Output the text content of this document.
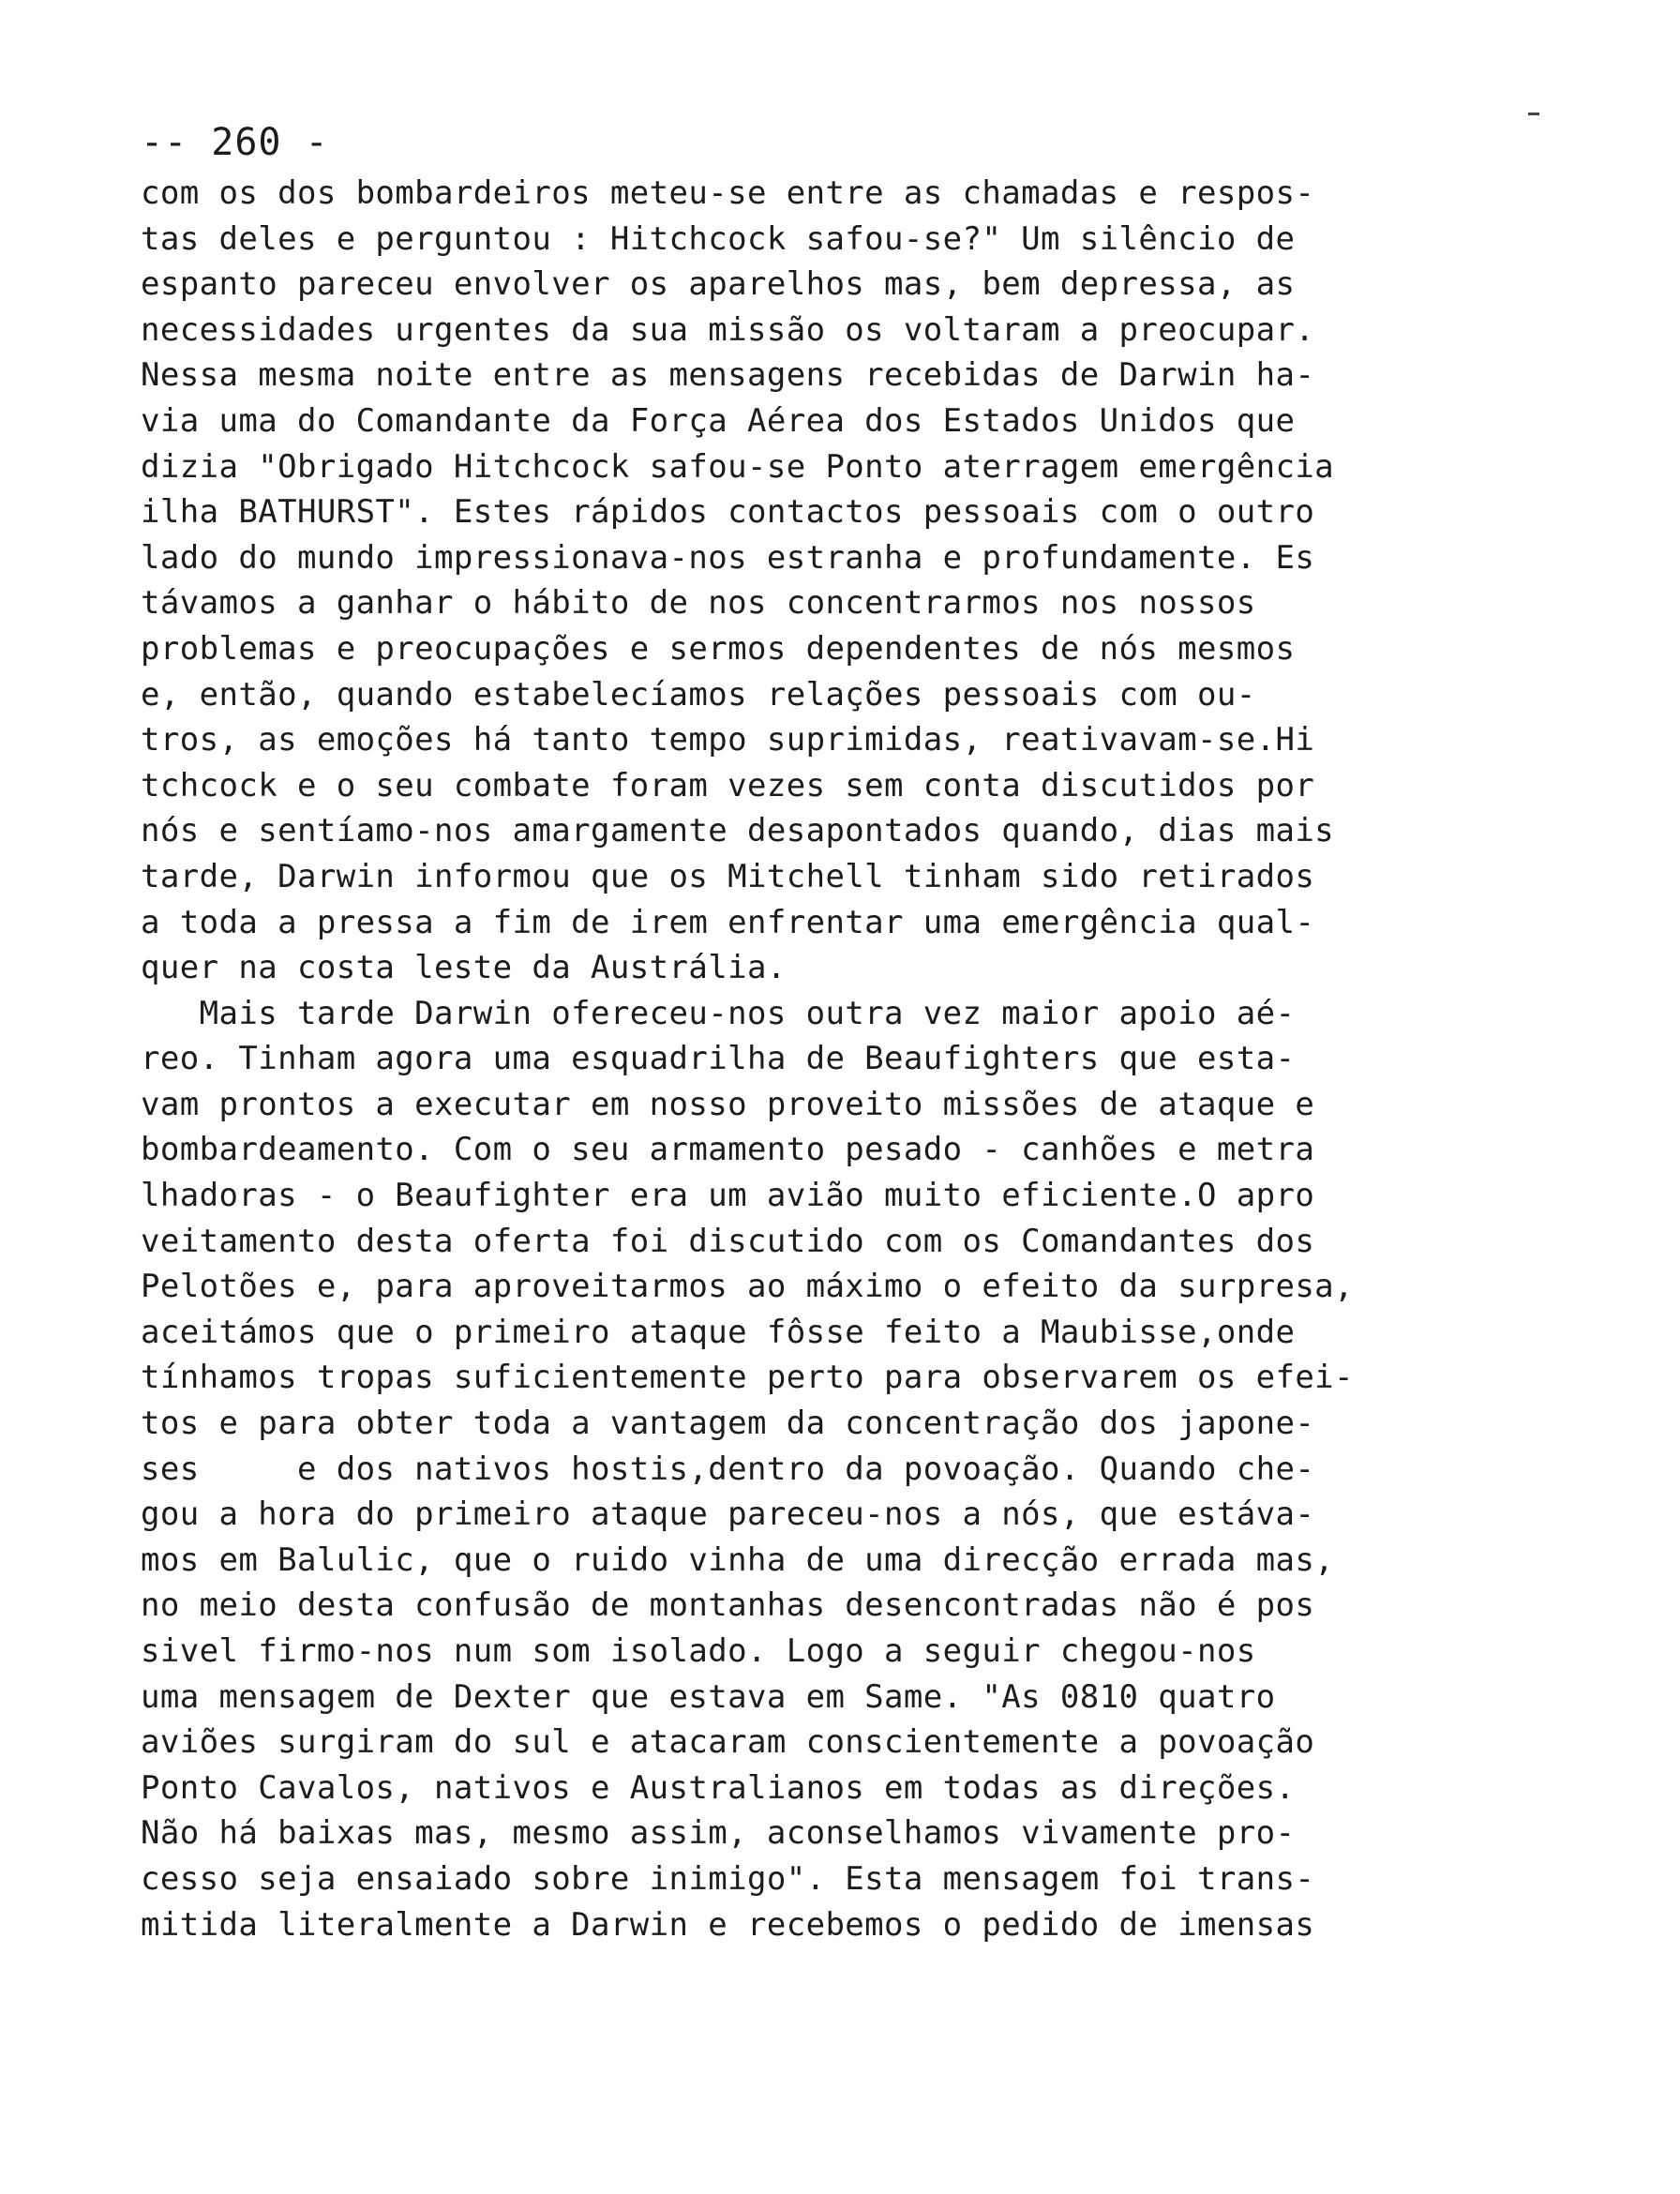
-- 260 -
com os dos bombardeiros meteu-se entre as chamadas e respos-
tas deles e perguntou : Hitchcock safou-se?" Um silêncio de
espanto pareceu envolver os aparelhos mas, bem depressa, as
necessidades urgentes da sua missão os voltaram a preocupar.
Nessa mesma noite entre as mensagens recebidas de Darwin ha-
via uma do Comandante da Força Aérea dos Estados Unidos que
dizia "Obrigado Hitchcock safou-se Ponto aterragem emergência
ilha BATHURST". Estes rápidos contactos pessoais com o outro
lado do mundo impressionava-nos estranha e profundamente. Es
távamos a ganhar o hábito de nos concentrarmos nos nossos
problemas e preocupações e sermos dependentes de nós mesmos
e, então, quando estabelecíamos relações pessoais com ou-
tros, as emoções há tanto tempo suprimidas, reativavam-se.Hi
tchcock e o seu combate foram vezes sem conta discutidos por
nós e sentíamo-nos amargamente desapontados quando, dias mais
tarde, Darwin informou que os Mitchell tinham sido retirados
a toda a pressa a fim de irem enfrentar uma emergência qual-
quer na costa leste da Austrália.
Mais tarde Darwin ofereceu-nos outra vez maior apoio aé-
reo. Tinham agora uma esquadrilha de Beaufighters que esta-
vam prontos a executar em nosso proveito missões de ataque e
bombardeamento. Com o seu armamento pesado - canhões e metra
lhadoras - o Beaufighter era um avião muito eficiente.O apro
veitamento desta oferta foi discutido com os Comandantes dos
Pelotões e, para aproveitarmos ao máximo o efeito da surpresa,
aceitámos que o primeiro ataque fôsse feito a Maubisse,onde
tínhamos tropas suficientemente perto para observarem os efei-
tos e para obter toda a vantagem da concentração dos japone-
ses     e dos nativos hostis,dentro da povoação. Quando che-
gou a hora do primeiro ataque pareceu-nos a nós, que estáva-
mos em Balulic, que o ruido vinha de uma direcção errada mas,
no meio desta confusão de montanhas desencontradas não é pos
sivel firmo-nos num som isolado. Logo a seguir chegou-nos
uma mensagem de Dexter que estava em Same. "As 0810 quatro
aviões surgiram do sul e atacaram conscientemente a povoação
Ponto Cavalos, nativos e Australianos em todas as direções.
Não há baixas mas, mesmo assim, aconselhamos vivamente pro-
cesso seja ensaiado sobre inimigo". Esta mensagem foi trans-
mitida literalmente a Darwin e recebemos o pedido de imensas
